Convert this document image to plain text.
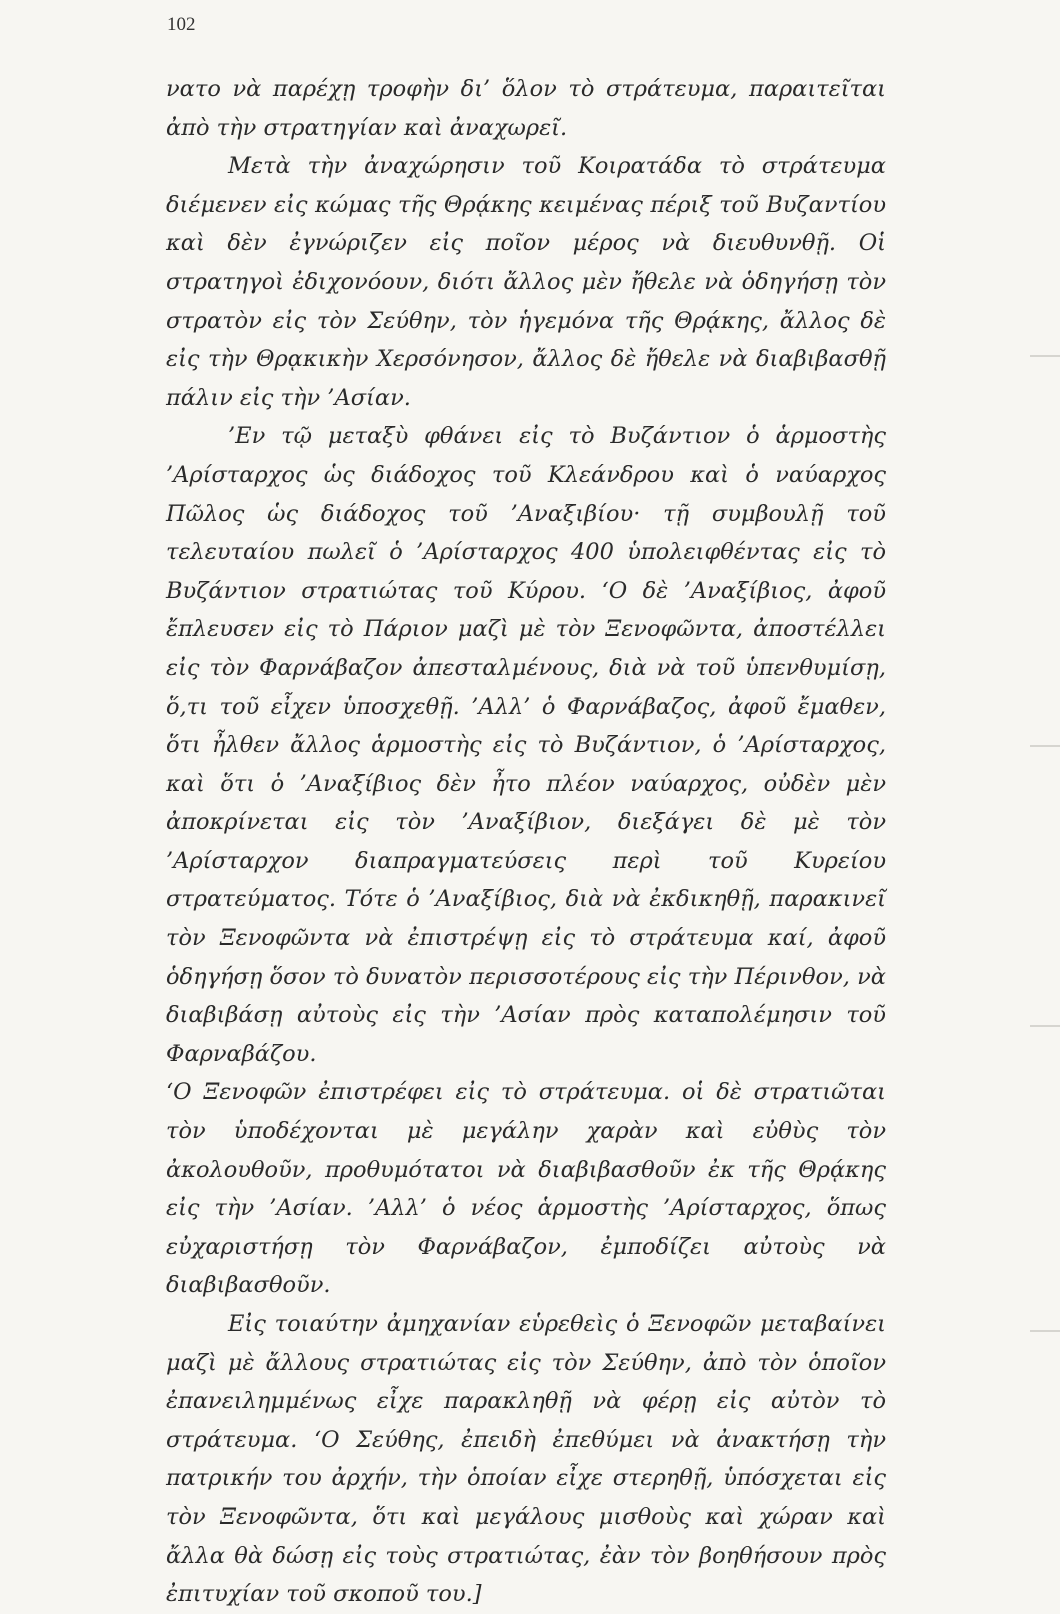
102

νατο νὰ παρέχῃ τροφὴν δι’ ὅλον τὸ στράτευμα, παραιτεῖται ἀπὸ τὴν στρατηγίαν καὶ ἀναχωρεῖ.

Μετὰ τὴν ἀναχώρησιν τοῦ Κοιρατάδα τὸ στράτευμα διέμενεν εἰς κώμας τῆς Θρᾴκης κειμένας πέριξ τοῦ Βυζαντίου καὶ δὲν ἐγνώριζεν εἰς ποῖον μέρος νὰ διευθυνθῇ. Οἱ στρατηγοὶ ἐδιχονόουν, διότι ἄλλος μὲν ἤθελε νὰ ὁδηγήσῃ τὸν στρατὸν εἰς τὸν Σεύθην, τὸν ἡγεμόνα τῆς Θρᾴκης, ἄλλος δὲ εἰς τὴν Θρᾳκικὴν Χερσόνησον, ἄλλος δὲ ἤθελε νὰ διαβιβασθῇ πάλιν εἰς τὴν ’Ασίαν.

’Εν τῷ μεταξὺ φθάνει εἰς τὸ Βυζάντιον ὁ ἁρμοστὴς ’Αρίσταρχος ὡς διάδοχος τοῦ Κλεάνδρου καὶ ὁ ναύαρχος Πῶλος ὡς διάδοχος τοῦ ’Αναξιβίου· τῇ συμβουλῇ τοῦ τελευταίου πωλεῖ ὁ ’Αρίσταρχος 400 ὑπολειφθέντας εἰς τὸ Βυζάντιον στρατιώτας τοῦ Κύρου. ‘Ο δὲ ’Αναξίβιος, ἀφοῦ ἔπλευσεν εἰς τὸ Πάριον μαζὶ μὲ τὸν Ξενοφῶντα, ἀποστέλλει εἰς τὸν Φαρνάβαζον ἀπεσταλμένους, διὰ νὰ τοῦ ὑπενθυμίσῃ, ὅ,τι τοῦ εἶχεν ὑποσχεθῇ. ’Αλλ’ ὁ Φαρνάβαζος, ἀφοῦ ἔμαθεν, ὅτι ἦλθεν ἄλλος ἁρμοστὴς εἰς τὸ Βυζάντιον, ὁ ’Αρίσταρχος, καὶ ὅτι ὁ ’Αναξίβιος δὲν ἦτο πλέον ναύαρχος, οὐδὲν μὲν ἀποκρίνεται εἰς τὸν ’Αναξίβιον, διεξάγει δὲ μὲ τὸν ’Αρίσταρχον διαπραγματεύσεις περὶ τοῦ Κυρείου στρατεύματος. Τότε ὁ ’Αναξίβιος, διὰ νὰ ἐκδικηθῇ, παρακινεῖ τὸν Ξενοφῶντα νὰ ἐπιστρέψῃ εἰς τὸ στράτευμα καί, ἀφοῦ ὁδηγήσῃ ὅσον τὸ δυνατὸν περισσοτέρους εἰς τὴν Πέρινθον, νὰ διαβιβάσῃ αὐτοὺς εἰς τὴν ’Ασίαν πρὸς καταπολέμησιν τοῦ Φαρναβάζου.

‘Ο Ξενοφῶν ἐπιστρέφει εἰς τὸ στράτευμα. οἱ δὲ στρατιῶται τὸν ὑποδέχονται μὲ μεγάλην χαρὰν καὶ εὐθὺς τὸν ἀκολουθοῦν, προθυμότατοι νὰ διαβιβασθοῦν ἐκ τῆς Θρᾴκης εἰς τὴν ’Ασίαν. ’Αλλ’ ὁ νέος ἁρμοστὴς ’Αρίσταρχος, ὅπως εὐχαριστήσῃ τὸν Φαρνάβαζον, ἐμποδίζει αὐτοὺς νὰ διαβιβασθοῦν.

Εἰς τοιαύτην ἀμηχανίαν εὑρεθεὶς ὁ Ξενοφῶν μεταβαίνει μαζὶ μὲ ἄλλους στρατιώτας εἰς τὸν Σεύθην, ἀπὸ τὸν ὁποῖον ἐπανειλημμένως εἶχε παρακληθῇ νὰ φέρῃ εἰς αὐτὸν τὸ στράτευμα. ‘Ο Σεύθης, ἐπειδὴ ἐπεθύμει νὰ ἀνακτήσῃ τὴν πατρικήν του ἀρχήν, τὴν ὁποίαν εἶχε στερηθῇ, ὑπόσχεται εἰς τὸν Ξενοφῶντα, ὅτι καὶ μεγάλους μισθοὺς καὶ χώραν καὶ ἄλλα θὰ δώσῃ εἰς τοὺς στρατιώτας, ἐὰν τὸν βοηθήσουν πρὸς ἐπιτυχίαν τοῦ σκοποῦ του.]
